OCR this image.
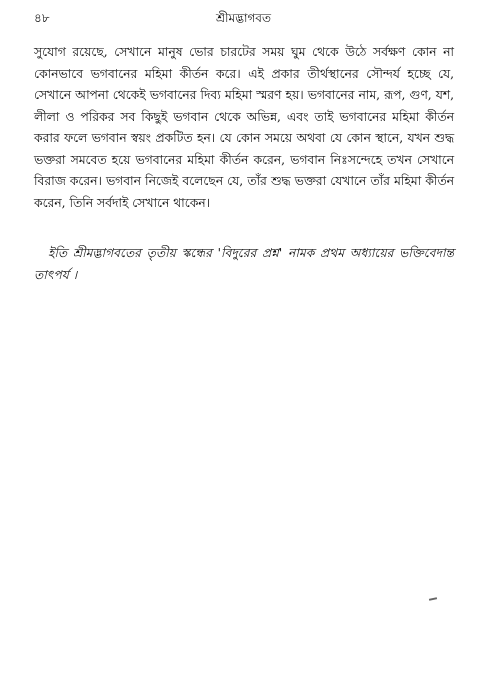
৪৮	শ্রীমদ্ভাগবত

সুযোগ রয়েছে, সেখানে মানুষ ভোর চারটের সময় ঘুম থেকে উঠে সর্বক্ষণ কোন না কোনভাবে ভগবানের মহিমা কীর্তন করে। এই প্রকার তীর্থস্থানের সৌন্দর্য হচ্ছে যে, সেখানে আপনা থেকেই ভগবানের দিব্য মহিমা স্মরণ হয়। ভগবানের নাম, রূপ, গুণ, যশ, লীলা ও পরিকর সব কিছুই ভগবান থেকে অভিন্ন, এবং তাই ভগবানের মহিমা কীর্তন করার ফলে ভগবান স্বয়ং প্রকটিত হন। যে কোন সময়ে অথবা যে কোন স্থানে, যখন শুদ্ধ ভক্তরা সমবেত হয়ে ভগবানের মহিমা কীর্তন করেন, ভগবান নিঃসন্দেহে তখন সেখানে বিরাজ করেন। ভগবান নিজেই বলেছেন যে, তাঁর শুদ্ধ ভক্তরা যেখানে তাঁর মহিমা কীর্তন করেন, তিনি সর্বদাই সেখানে থাকেন।

ইতি শ্রীমদ্ভাগবতের তৃতীয় স্কন্ধের 'বিদুরের প্রশ্ন' নামক প্রথম অধ্যায়ের ভক্তিবেদান্ত তাৎপর্য ।
